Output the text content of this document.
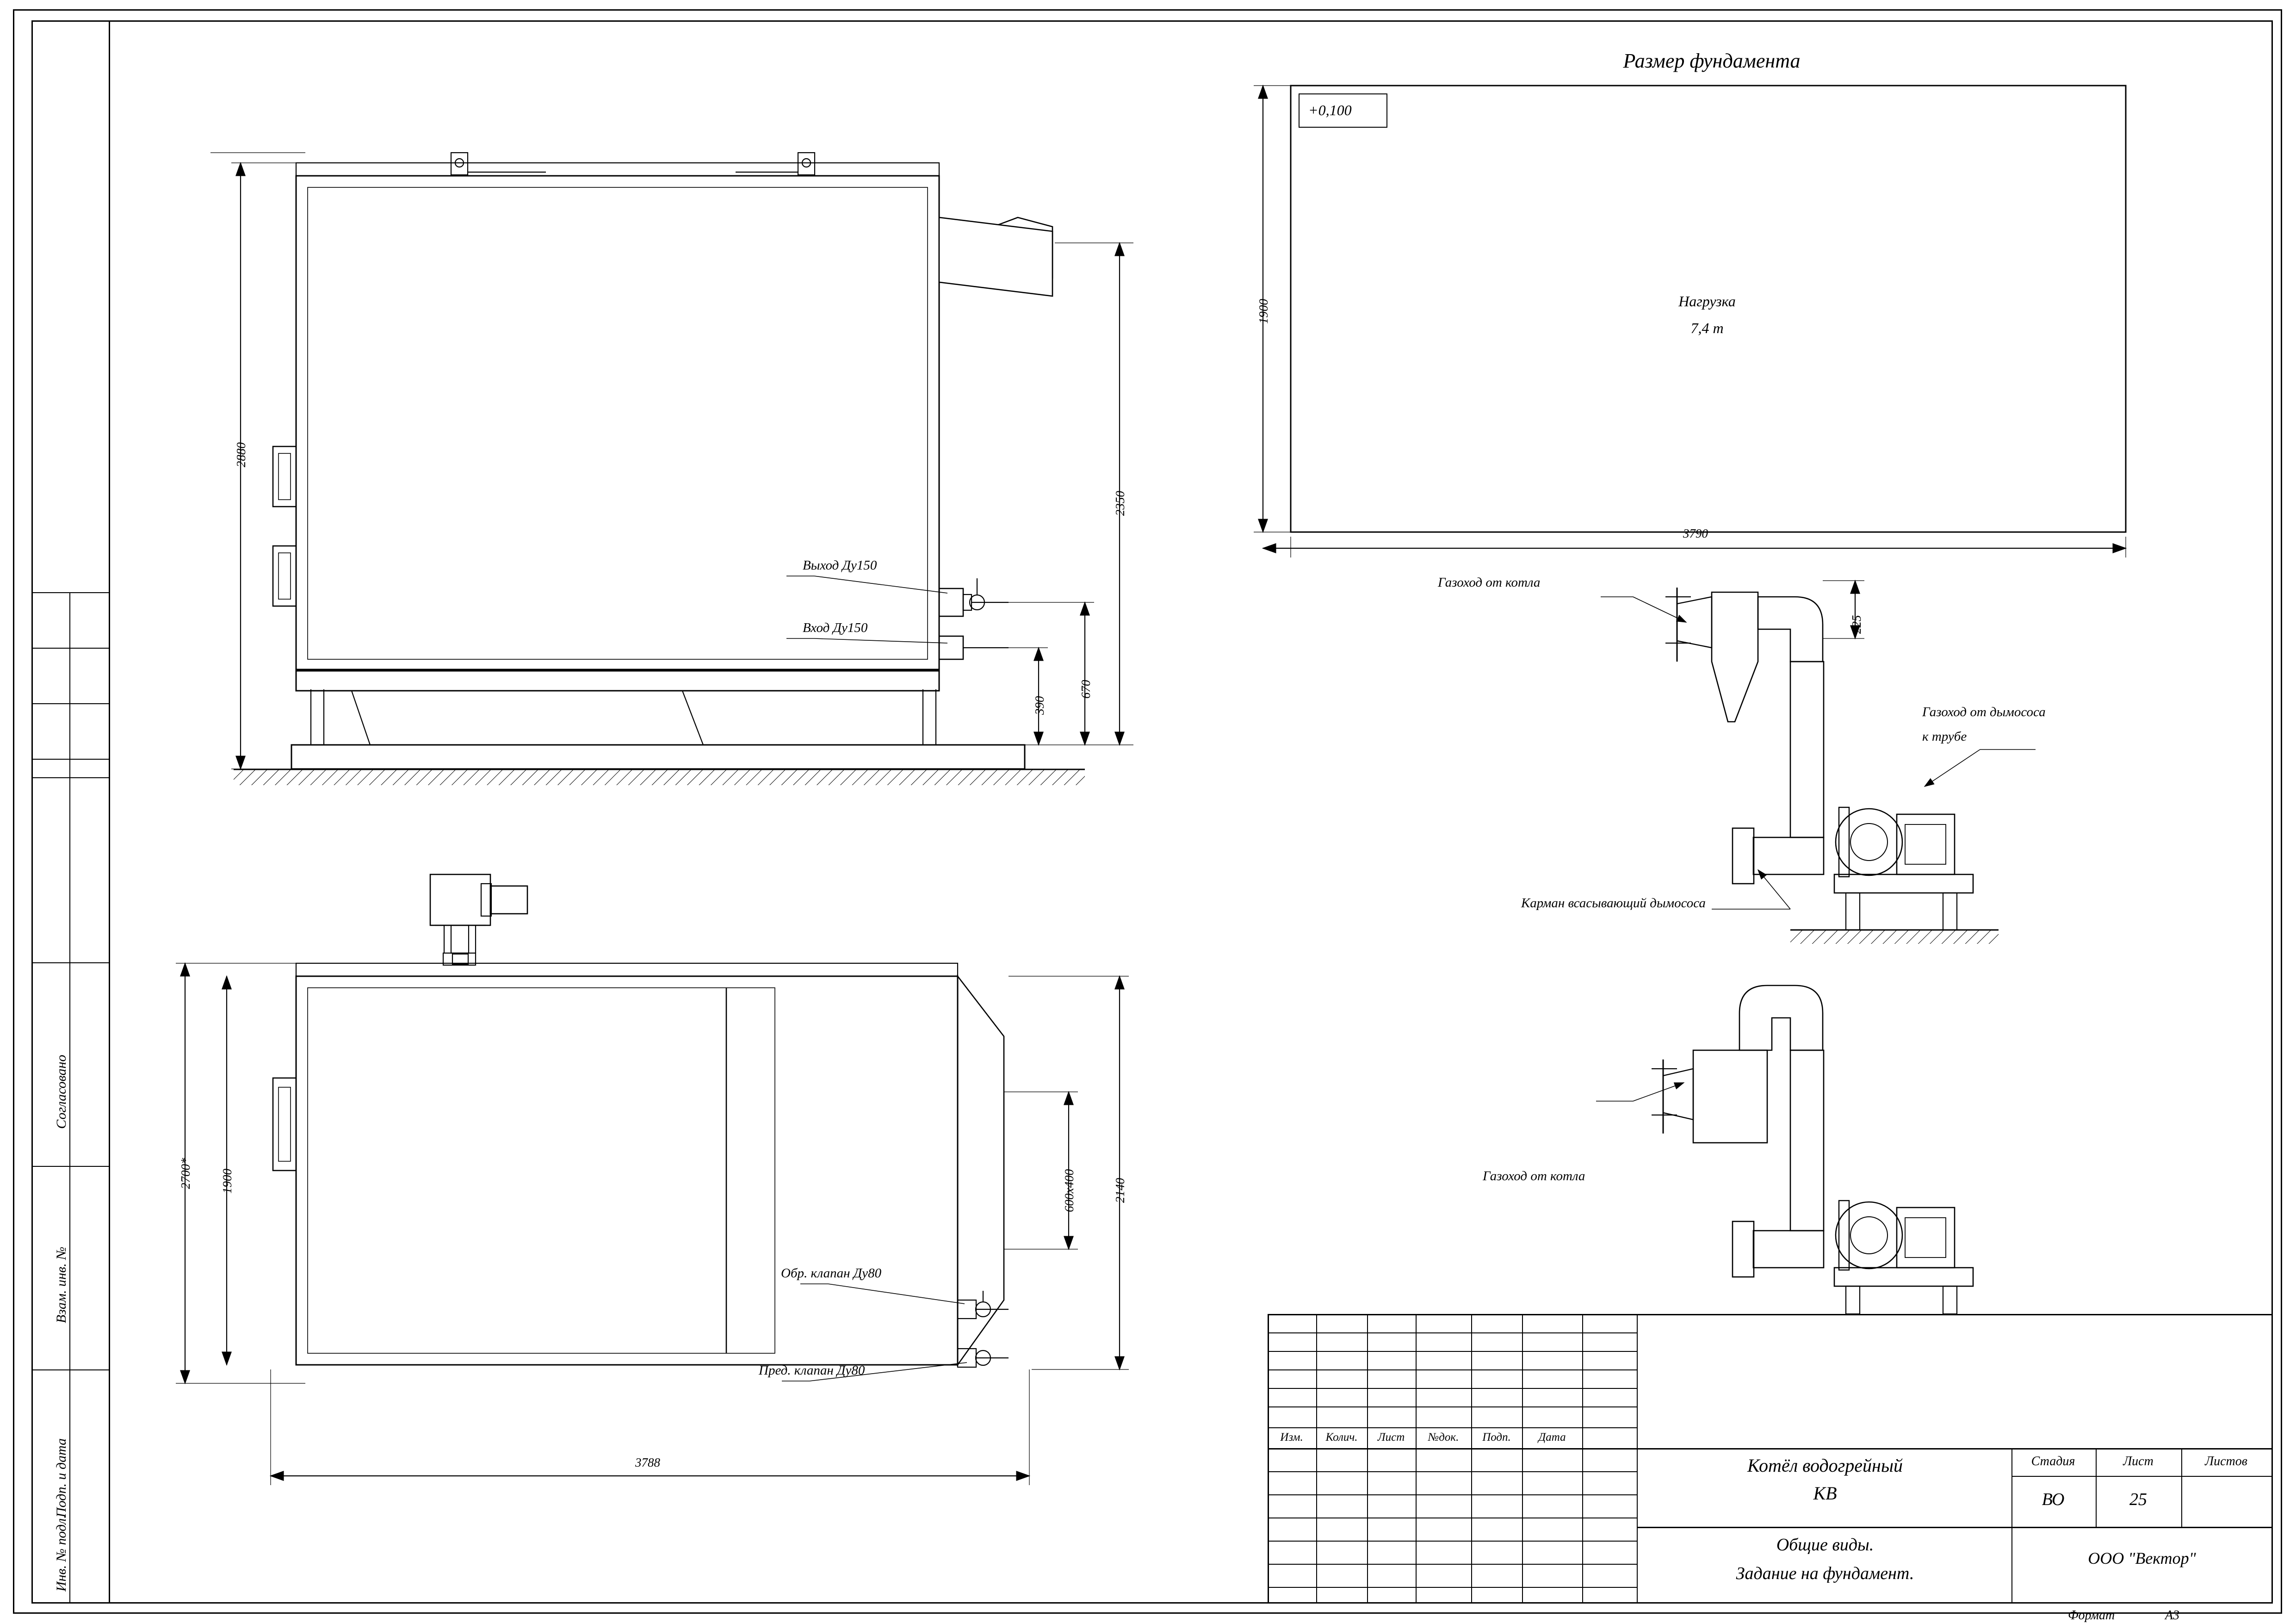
Согласовано
Взам. инв. №
Подп. и дата
Инв. № подл.
Размер фундамента
+0,100
Нагрузка
7,4 т
3790
1900
2880
2350
670
390
Выход Ду150
Вход Ду150
2700* 1900
3788
2140
600х400
Обр. клапан Ду80
Пред. клапан Ду80
Газоход от котла
Газоход от дымососа
к трубе
Карман всасывающий дымососа
225
Газоход от котла
Изм. Колич. Лист №док. Подп. Дата
Котёл водогрейный
КВ
Общие виды.
Задание на фундамент.
Стадия	Лист	Листов
ВО	25
ООО "Вектор"
Формат	А3
